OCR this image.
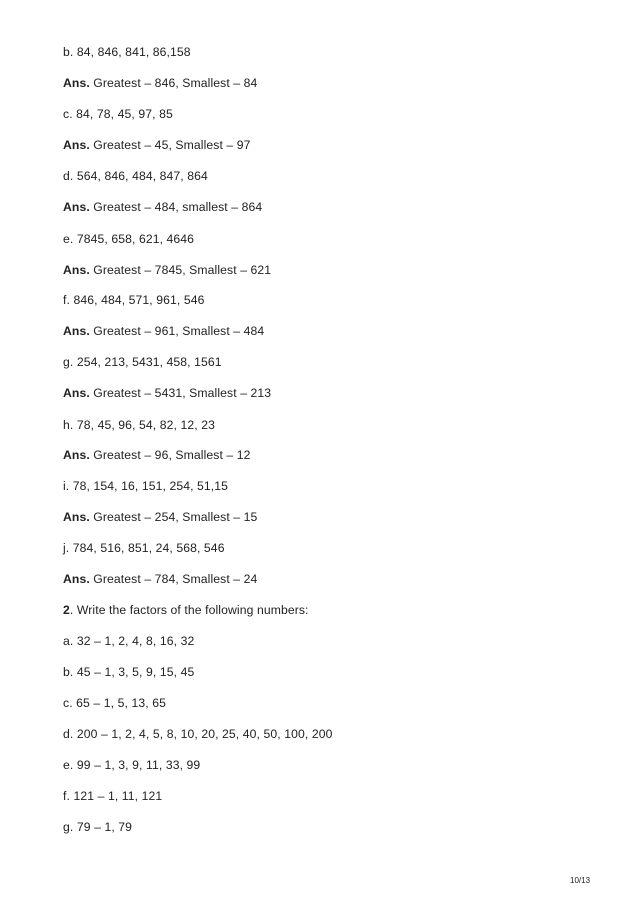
b. 84, 846, 841, 86,158
Ans. Greatest – 846, Smallest – 84
c. 84, 78, 45, 97, 85
Ans. Greatest – 45, Smallest – 97
d. 564, 846, 484, 847, 864
Ans. Greatest – 484, smallest – 864
e. 7845, 658, 621, 4646
Ans. Greatest – 7845, Smallest – 621
f. 846, 484, 571, 961, 546
Ans. Greatest – 961, Smallest – 484
g. 254, 213, 5431, 458, 1561
Ans. Greatest – 5431, Smallest – 213
h. 78, 45, 96, 54, 82, 12, 23
Ans. Greatest – 96, Smallest – 12
i. 78, 154, 16, 151, 254, 51,15
Ans. Greatest – 254, Smallest – 15
j. 784, 516, 851, 24, 568, 546
Ans. Greatest – 784, Smallest – 24
2. Write the factors of the following numbers:
a. 32 – 1, 2, 4, 8, 16, 32
b. 45 – 1, 3, 5, 9, 15, 45
c. 65 – 1, 5, 13, 65
d. 200 – 1, 2, 4, 5, 8, 10, 20, 25, 40, 50, 100, 200
e. 99 – 1, 3, 9, 11, 33, 99
f. 121 – 1, 11, 121
g. 79 – 1, 79
10/13
